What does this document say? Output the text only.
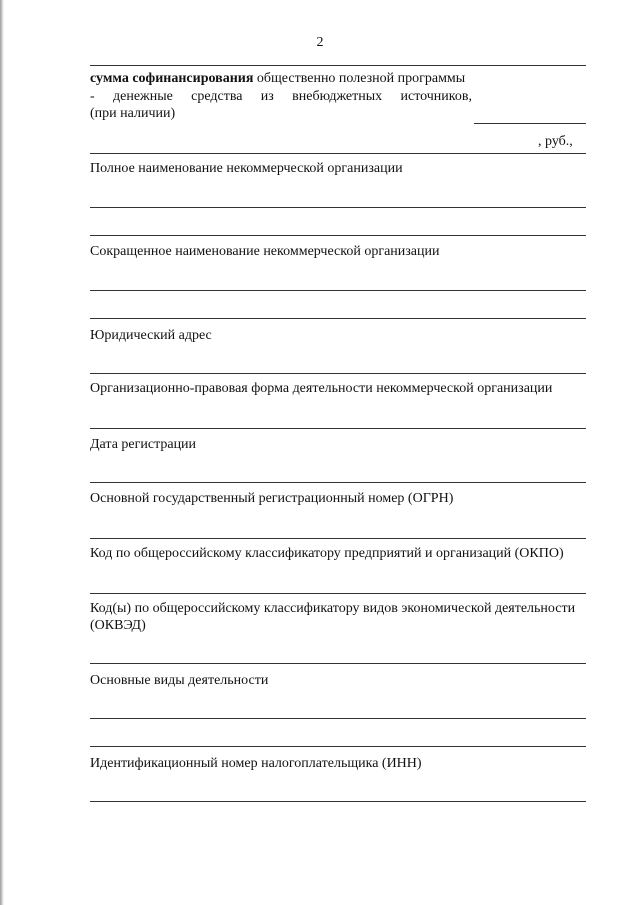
2
сумма софинансирования общественно полезной программы
- денежные средства из внебюджетных источников,
(при наличии)
, руб.,
Полное наименование некоммерческой организации
Сокращенное наименование некоммерческой организации
Юридический адрес
Организационно-правовая форма деятельности некоммерческой организации
Дата регистрации
Основной государственный регистрационный номер (ОГРН)
Код по общероссийскому классификатору предприятий и организаций (ОКПО)
Код(ы) по общероссийскому классификатору видов экономической деятельности
(ОКВЭД)
Основные виды деятельности
Идентификационный номер налогоплательщика (ИНН)
